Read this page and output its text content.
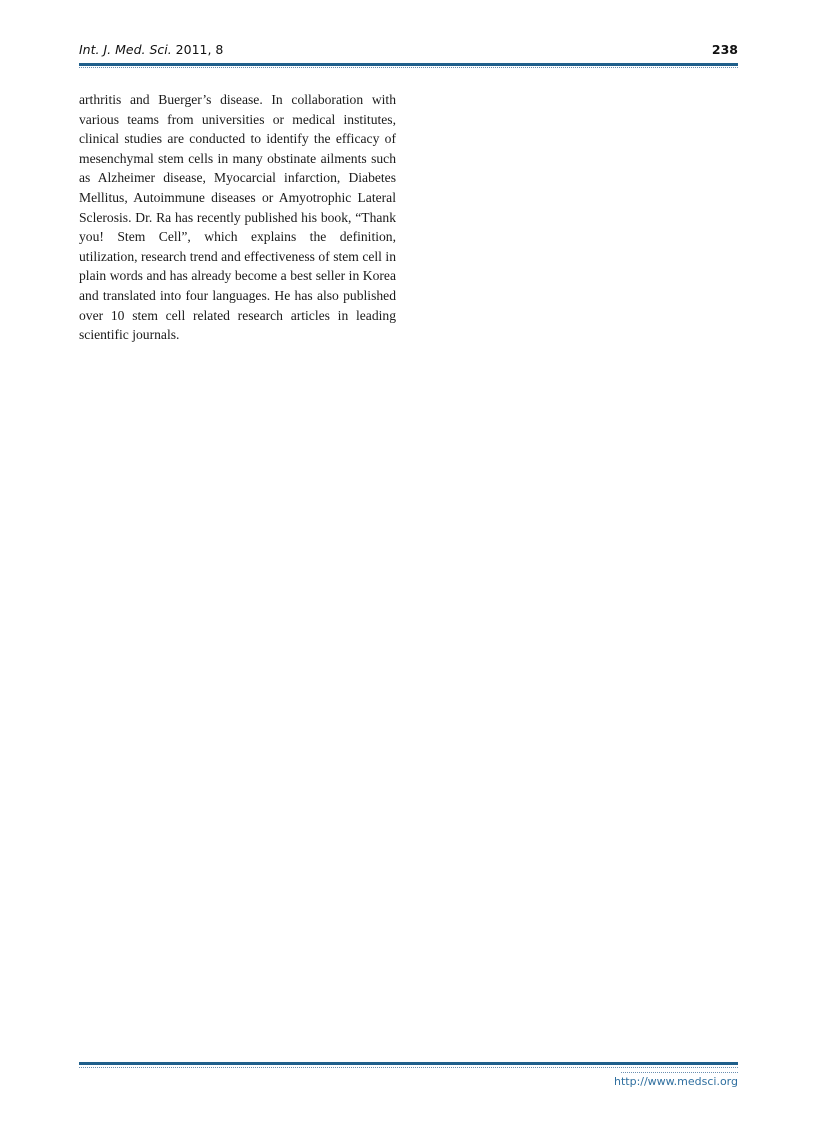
Int. J. Med. Sci. 2011, 8	238

arthritis and Buerger’s disease. In collaboration with various teams from universities or medical institutes, clinical studies are conducted to identify the efficacy of mesenchymal stem cells in many obstinate ailments such as Alzheimer disease, Myocarcial infarction, Diabetes Mellitus, Autoimmune diseases or Amyotrophic Lateral Sclerosis. Dr. Ra has recently published his book, “Thank you! Stem Cell”, which explains the definition, utilization, research trend and effectiveness of stem cell in plain words and has already become a best seller in Korea and translated into four languages. He has also published over 10 stem cell related research articles in leading scientific journals.

http://www.medsci.org
